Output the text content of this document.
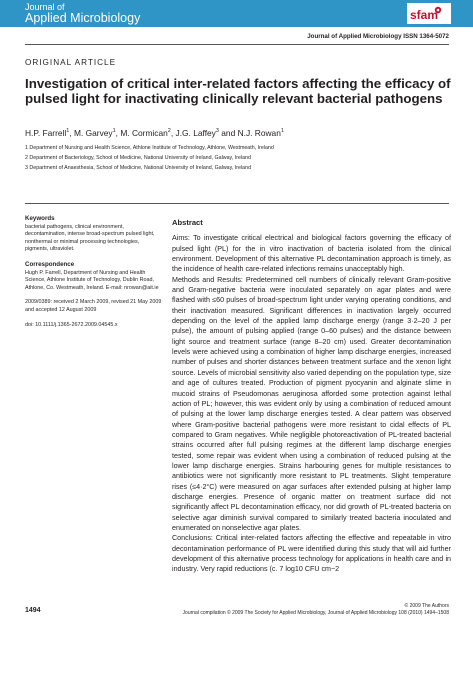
Journal of
Applied Microbiology	sfam
Journal of Applied Microbiology ISSN 1364-5072
ORIGINAL ARTICLE
Investigation of critical inter-related factors affecting the efficacy of pulsed light for inactivating clinically relevant bacterial pathogens
H.P. Farrell$^1$, M. Garvey$^1$, M. Cormican$^2$, J.G. Laffey$^3$ and N.J. Rowan$^1$
1 Department of Nursing and Health Science, Athlone Institute of Technology, Athlone, Westmeath, Ireland
2 Department of Bacteriology, School of Medicine, National University of Ireland, Galway, Ireland
3 Department of Anaesthesia, School of Medicine, National University of Ireland, Galway, Ireland
Keywords
bacterial pathogens, clinical environment, decontamination, intense broad-spectrum pulsed light, nonthermal or minimal processing technologies, pigments, ultraviolet.
Correspondence
Hugh P. Farrell, Department of Nursing and Health Science, Athlone Institute of Technology, Dublin Road, Athlone, Co. Westmeath, Ireland. E-mail: nrowan@ait.ie
2009/0389: received 2 March 2009, revised 21 May 2009 and accepted 12 August 2009
doi: 10.1111/j.1365-2672.2009.04545.x
Abstract

Aims: To investigate critical electrical and biological factors governing the efficacy of pulsed light (PL) for the in vitro inactivation of bacteria isolated from the clinical environment. Development of this alternative PL decontamination approach is timely, as the incidence of health care-related infections remains unacceptably high.

Methods and Results: Predetermined cell numbers of clinically relevant Gram-positive and Gram-negative bacteria were inoculated separately on agar plates and were flashed with ≤60 pulses of broad-spectrum light under varying operating conditions, and their inactivation measured. Significant differences in inactivation largely occurred depending on the level of the applied lamp discharge energy (range 3·2–20 J per pulse), the amount of pulsing applied (range 0–60 pulses) and the distance between light source and treatment surface (range 8–20 cm) used. Greater decontamination levels were achieved using a combination of higher lamp discharge energies, increased number of pulses and shorter distances between treatment surface and the xenon light source. Levels of microbial sensitivity also varied depending on the population type, size and age of cultures treated. Production of pigment pyocyanin and alginate slime in mucoid strains of Pseudomonas aeruginosa afforded some protection against lethal action of PL; however, this was evident only by using a combination of reduced amount of pulsing at the lower lamp discharge energies tested. A clear pattern was observed where Gram-positive bacterial pathogens were more resistant to cidal effects of PL compared to Gram negatives. While negligible photoreactivation of PL-treated bacterial strains occurred after full pulsing regimes at the different lamp discharge energies tested, some repair was evident when using a combination of reduced pulsing at the lower lamp discharge energies. Strains harbouring genes for multiple resistances to antibiotics were not significantly more resistant to PL treatments. Slight temperature rises (≤4·2°C) were measured on agar surfaces after extended pulsing at higher lamp discharge energies. Presence of organic matter on treatment surface did not significantly affect PL decontamination efficacy, nor did growth of PL-treated bacteria on selective agar diminish survival compared to similarly treated bacteria inoculated and enumerated on nonselective agar plates.

Conclusions: Critical inter-related factors affecting the effective and repeatable in vitro decontamination performance of PL were identified during this study that will aid further development of this alternative process technology for applications in health care and in industry. Very rapid reductions (c. 7 log10 CFU cm−2

1494
© 2009 The Authors
Journal compilation © 2009 The Society for Applied Microbiology, Journal of Applied Microbiology 108 (2010) 1494–1508
